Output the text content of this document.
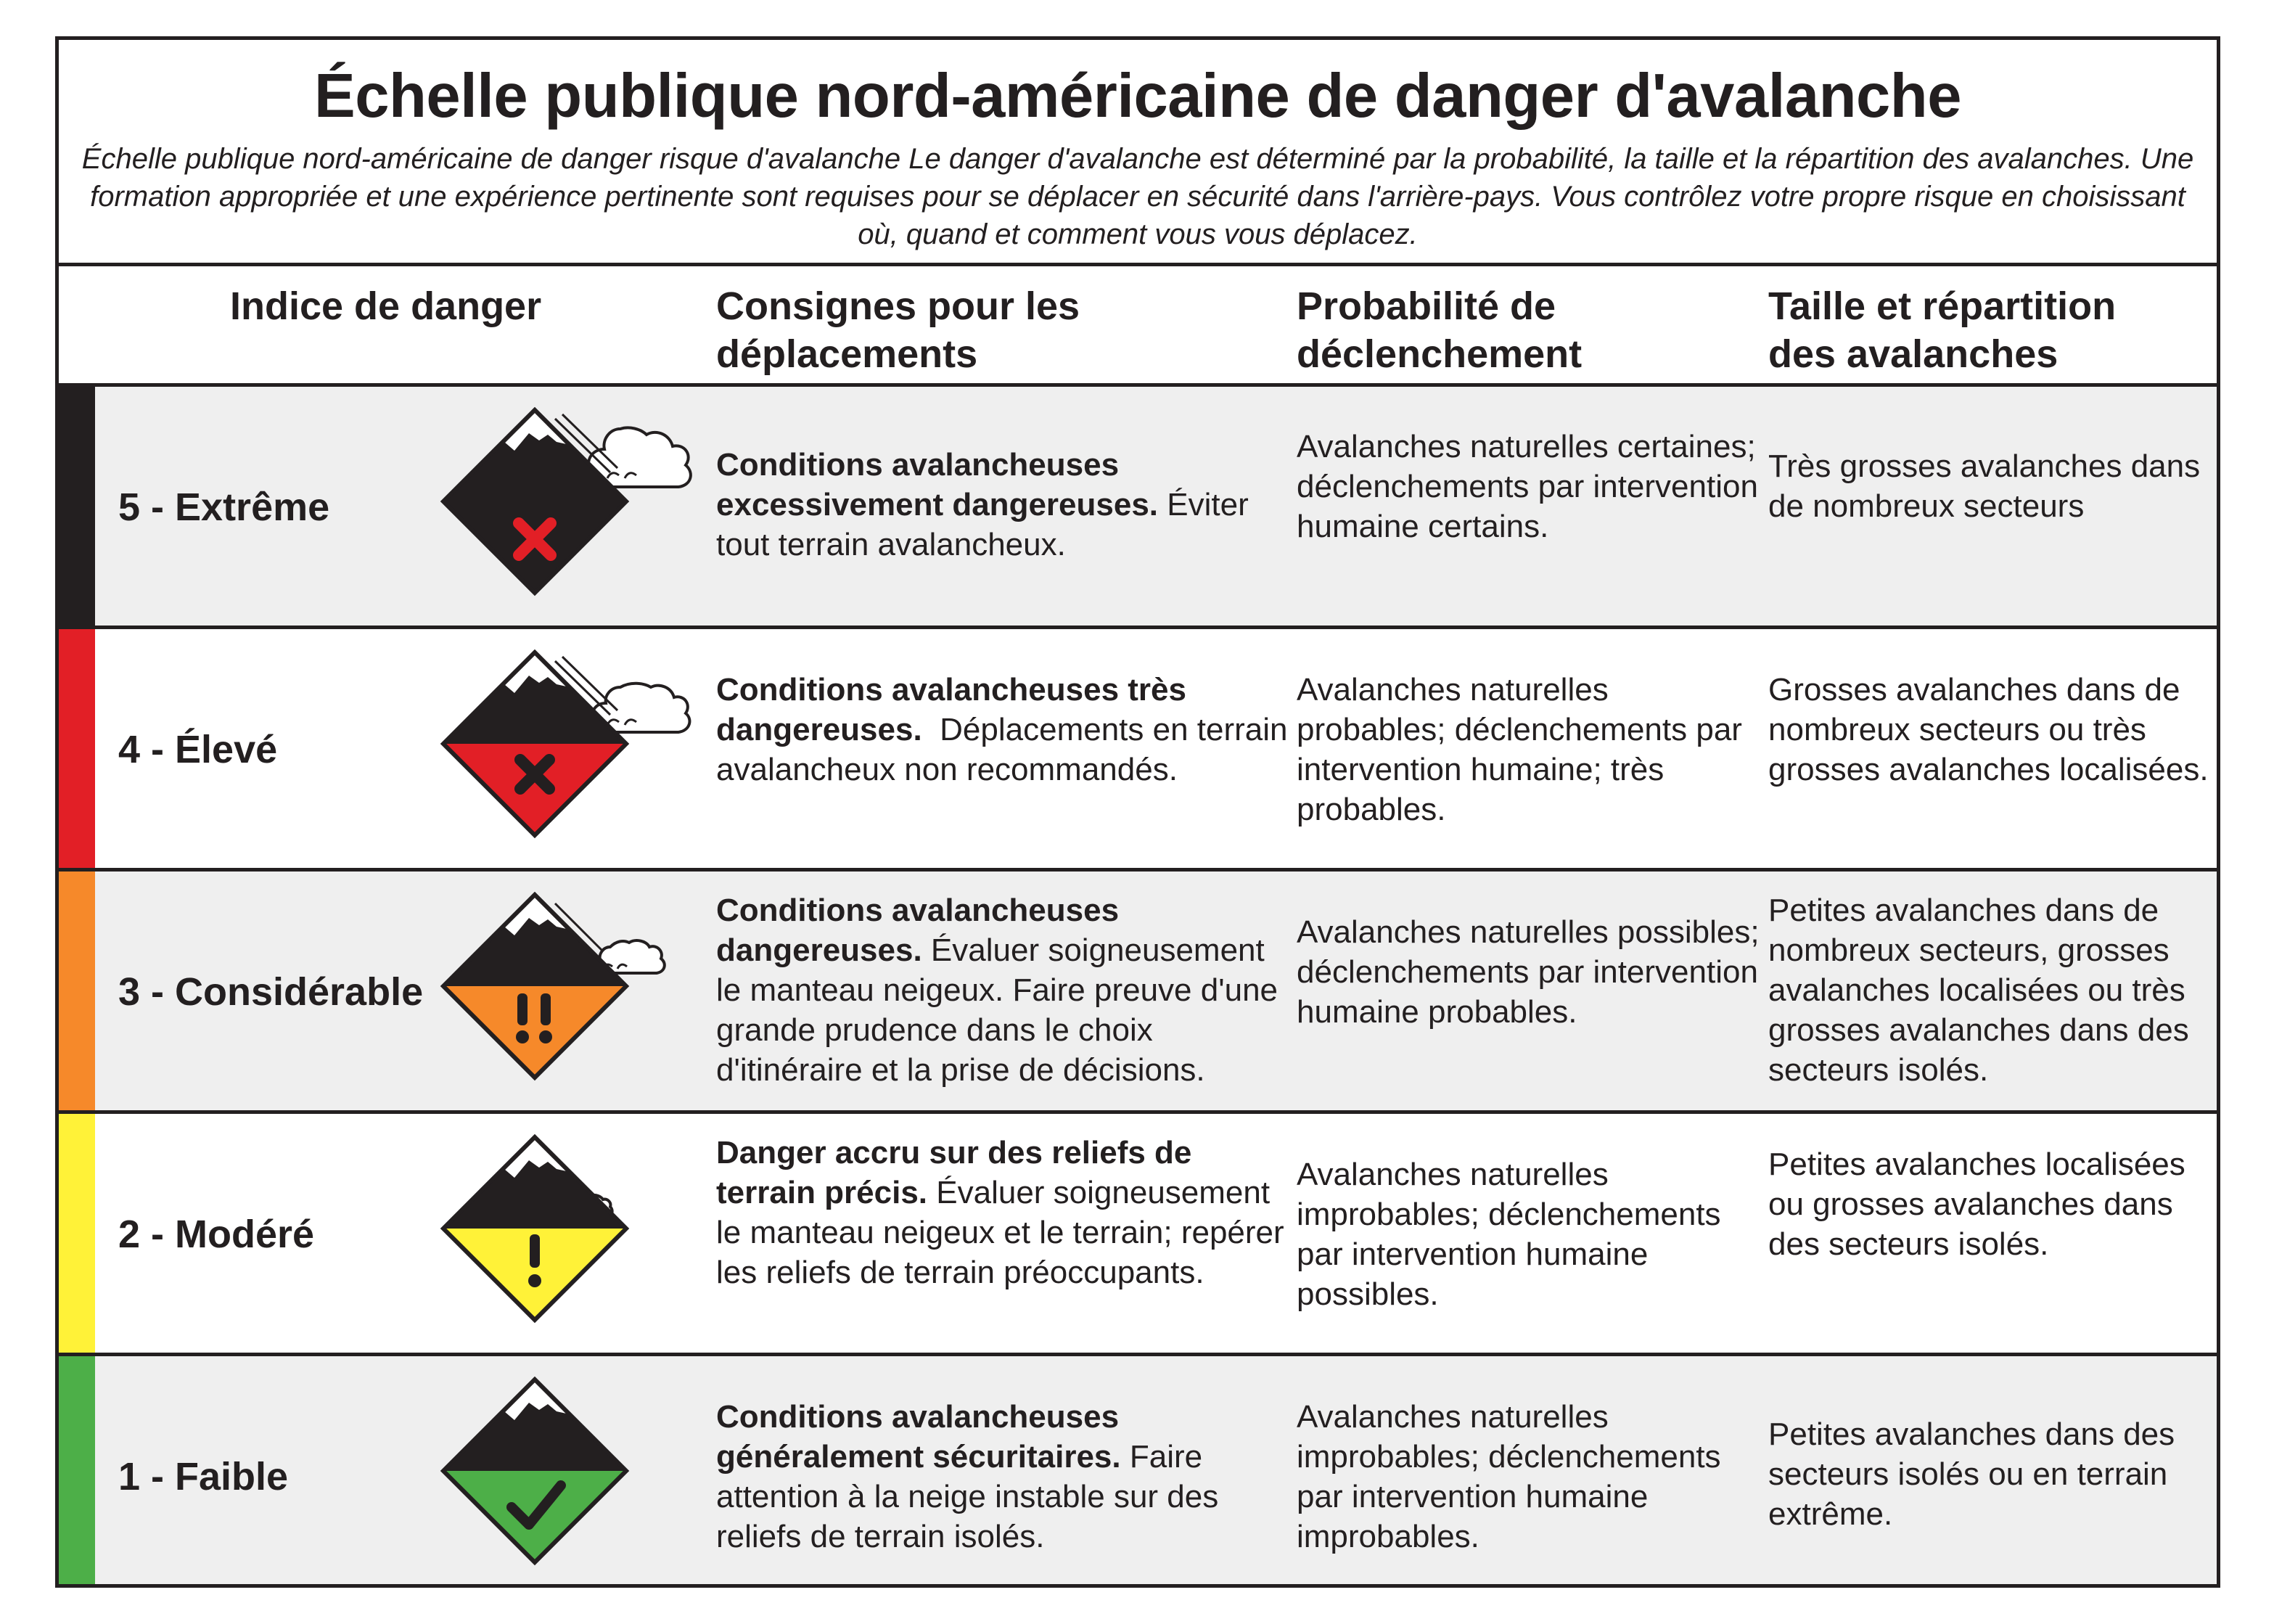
Échelle publique nord-américaine de danger d'avalanche
Échelle publique nord-américaine de danger risque d'avalanche Le danger d'avalanche est déterminé par la probabilité, la taille et la répartition des avalanches. Une formation appropriée et une expérience pertinente sont requises pour se déplacer en sécurité dans l'arrière-pays. Vous contrôlez votre propre risque en choisissant où, quand et comment vous vous déplacez.
Indice de danger	Consignes pour les déplacements
Probabilité de déclenchement
Taille et répartition des avalanches
5 - Extrême
Conditions avalancheuses excessivement dangereuses. Éviter tout terrain avalancheux.
Avalanches naturelles certaines; déclenchements par intervention humaine certains.
Très grosses avalanches dans de nombreux secteurs
4 - Élevé
Conditions avalancheuses très dangereuses. Déplacements en terrain avalancheux non recommandés.
Avalanches naturelles probables; déclenchements par intervention humaine; très probables.
Grosses avalanches dans de nombreux secteurs ou très grosses avalanches localisées.
3 - Considérable
Conditions avalancheuses dangereuses. Évaluer soigneusement le manteau neigeux. Faire preuve d'une grande prudence dans le choix d'itinéraire et la prise de décisions.
Avalanches naturelles possibles; déclenchements par intervention humaine probables.
Petites avalanches dans de nombreux secteurs, grosses avalanches localisées ou très grosses avalanches dans des secteurs isolés.
2 - Modéré
Danger accru sur des reliefs de terrain précis. Évaluer soigneusement le manteau neigeux et le terrain; repérer les reliefs de terrain préoccupants.
Avalanches naturelles improbables; déclenchements par intervention humaine possibles.
Petites avalanches localisées ou grosses avalanches dans des secteurs isolés.
1 - Faible
Conditions avalancheuses généralement sécuritaires. Faire attention à la neige instable sur des reliefs de terrain isolés.
Avalanches naturelles improbables; déclenchements par intervention humaine improbables.
Petites avalanches dans des secteurs isolés ou en terrain extrême.
